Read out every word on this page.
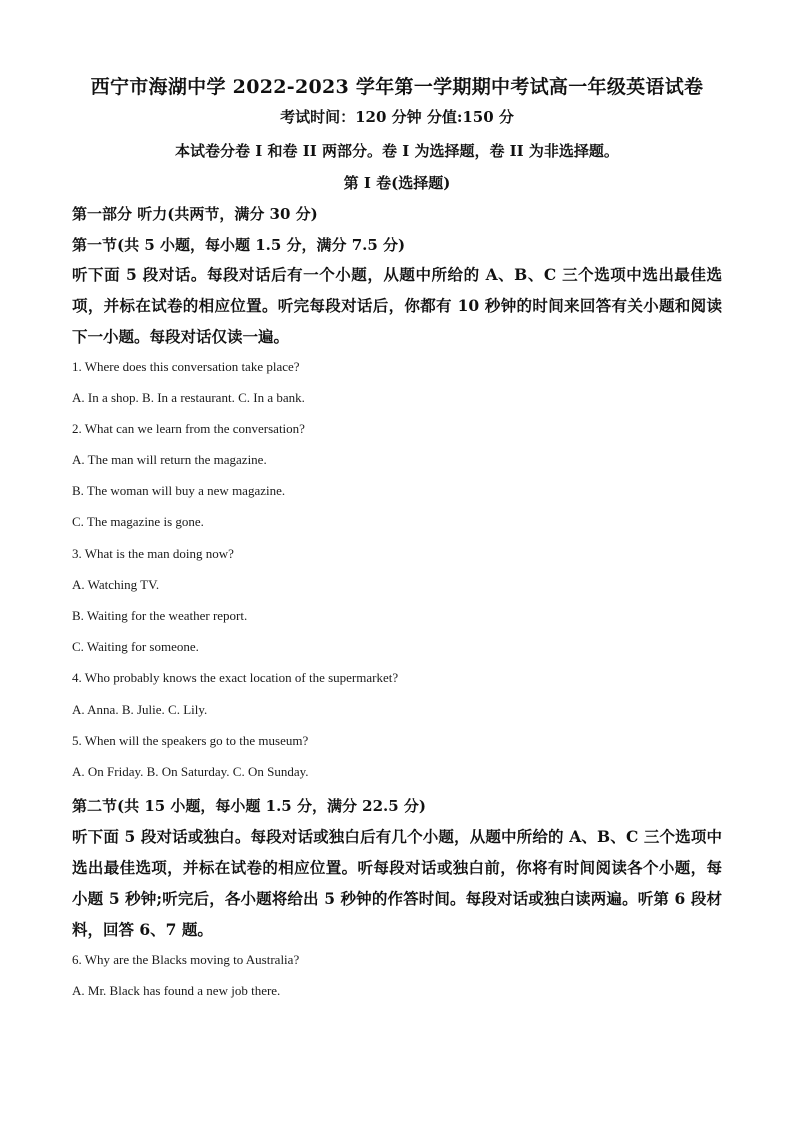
西宁市海湖中学 2022-2023 学年第一学期期中考试高一年级英语试卷
考试时间：120 分钟 分值:150 分
本试卷分卷 I 和卷 II 两部分。卷 I 为选择题，卷 II 为非选择题。
第 I 卷(选择题)
第一部分 听力(共两节，满分 30 分)
第一节(共 5 小题，每小题 1.5 分，满分 7.5 分)
听下面 5 段对话。每段对话后有一个小题，从题中所给的 A、B、C 三个选项中选出最佳选项，并标在试卷的相应位置。听完每段对话后，你都有 10 秒钟的时间来回答有关小题和阅读下一小题。每段对话仅读一遍。
1. Where does this conversation take place?
A. In a shop. B. In a restaurant. C. In a bank.
2. What can we learn from the conversation?
A. The man will return the magazine.
B. The woman will buy a new magazine.
C. The magazine is gone.
3. What is the man doing now?
A. Watching TV.
B. Waiting for the weather report.
C. Waiting for someone.
4. Who probably knows the exact location of the supermarket?
A. Anna. B. Julie. C. Lily.
5. When will the speakers go to the museum?
A. On Friday. B. On Saturday. C. On Sunday.
第二节(共 15 小题，每小题 1.5 分，满分 22.5 分)
听下面 5 段对话或独白。每段对话或独白后有几个小题，从题中所给的 A、B、C 三个选项中选出最佳选项，并标在试卷的相应位置。听每段对话或独白前，你将有时间阅读各个小题，每小题 5 秒钟;听完后，各小题将给出 5 秒钟的作答时间。每段对话或独白读两遍。听第 6 段材料，回答 6、7 题。
6. Why are the Blacks moving to Australia?
A. Mr. Black has found a new job there.
